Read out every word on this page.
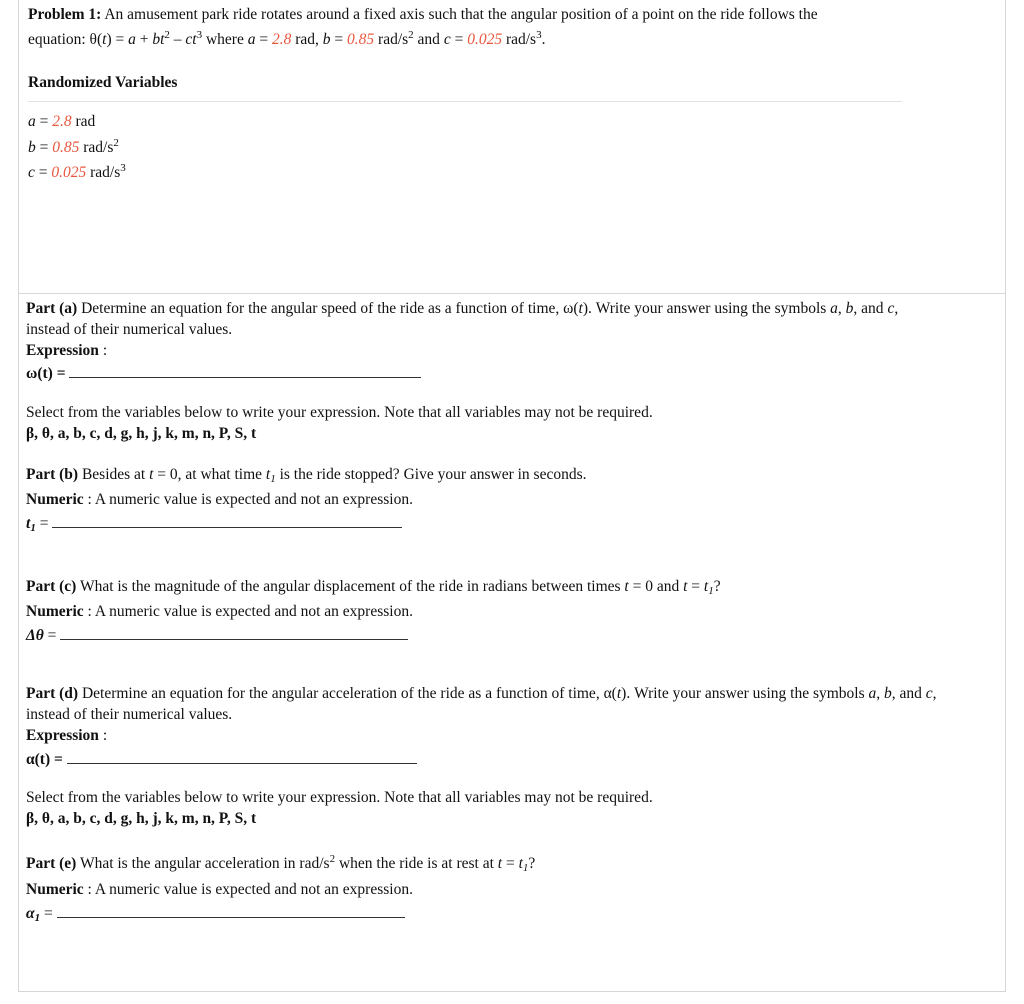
Problem 1: An amusement park ride rotates around a fixed axis such that the angular position of a point on the ride follows the
equation: $\theta(t) = a + bt^2 - ct^3$ where a = 2.8 rad, b = 0.85 rad/$s^2$ and c = 0.025 rad/$s^3$.
Randomized Variables
a = 2.8 rad
b = 0.85 rad/$s^2$
c = 0.025 rad/$s^3$
Part (a) Determine an equation for the angular speed of the ride as a function of time, ω(t). Write your answer using the symbols a, b, and c,
instead of their numerical values.
Expression :
ω(t) =
Select from the variables below to write your expression. Note that all variables may not be required.
β, θ, a, b, c, d, g, h, j, k, m, n, P, S, t
Part (b) Besides at t = 0, at what time $t_1$ is the ride stopped? Give your answer in seconds.
Numeric : A numeric value is expected and not an expression.
$t_1$ =
Part (c) What is the magnitude of the angular displacement of the ride in radians between times t = 0 and $t = t_1$?
Numeric : A numeric value is expected and not an expression.
Δθ =
Part (d) Determine an equation for the angular acceleration of the ride as a function of time, α(t). Write your answer using the symbols a, b, and c,
instead of their numerical values.
Expression :
α(t) =
Select from the variables below to write your expression. Note that all variables may not be required.
β, θ, a, b, c, d, g, h, j, k, m, n, P, S, t
Part (e) What is the angular acceleration in rad/$s^2$ when the ride is at rest at $t = t_1$?
Numeric : A numeric value is expected and not an expression.
$\alpha_1$ =
